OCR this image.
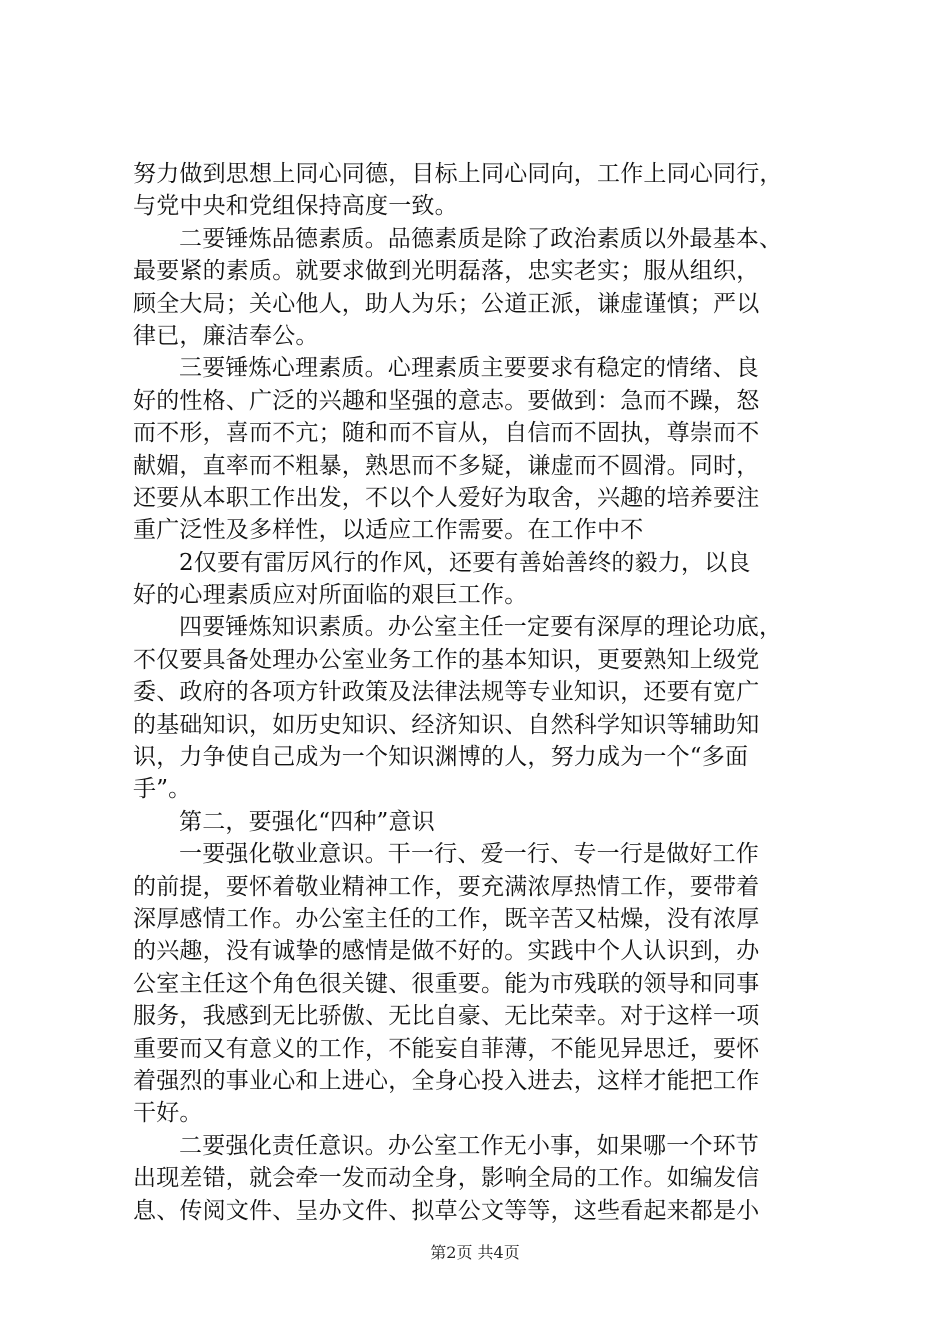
努力做到思想上同心同德，目标上同心同向，工作上同心同行，
与党中央和党组保持高度一致。
二要锤炼品德素质。品德素质是除了政治素质以外最基本、
最要紧的素质。就要求做到光明磊落，忠实老实；服从组织，
顾全大局；关心他人，助人为乐；公道正派，谦虚谨慎；严以
律已，廉洁奉公。
三要锤炼心理素质。心理素质主要要求有稳定的情绪、良
好的性格、广泛的兴趣和坚强的意志。要做到：急而不躁，怒
而不形，喜而不亢；随和而不盲从，自信而不固执，尊崇而不
献媚，直率而不粗暴，熟思而不多疑，谦虚而不圆滑。同时，
还要从本职工作出发，不以个人爱好为取舍，兴趣的培养要注
重广泛性及多样性，以适应工作需要。在工作中不
2仅要有雷厉风行的作风，还要有善始善终的毅力，以良
好的心理素质应对所面临的艰巨工作。
四要锤炼知识素质。办公室主任一定要有深厚的理论功底，
不仅要具备处理办公室业务工作的基本知识，更要熟知上级党
委、政府的各项方针政策及法律法规等专业知识，还要有宽广
的基础知识，如历史知识、经济知识、自然科学知识等辅助知
识，力争使自己成为一个知识渊博的人，努力成为一个“多面
手”。
第二，要强化“四种”意识
一要强化敬业意识。干一行、爱一行、专一行是做好工作
的前提，要怀着敬业精神工作，要充满浓厚热情工作，要带着
深厚感情工作。办公室主任的工作，既辛苦又枯燥，没有浓厚
的兴趣，没有诚挚的感情是做不好的。实践中个人认识到，办
公室主任这个角色很关键、很重要。能为市残联的领导和同事
服务，我感到无比骄傲、无比自豪、无比荣幸。对于这样一项
重要而又有意义的工作，不能妄自菲薄，不能见异思迁，要怀
着强烈的事业心和上进心，全身心投入进去，这样才能把工作
干好。
二要强化责任意识。办公室工作无小事，如果哪一个环节
出现差错，就会牵一发而动全身，影响全局的工作。如编发信
息、传阅文件、呈办文件、拟草公文等等，这些看起来都是小
第2页 共4页
